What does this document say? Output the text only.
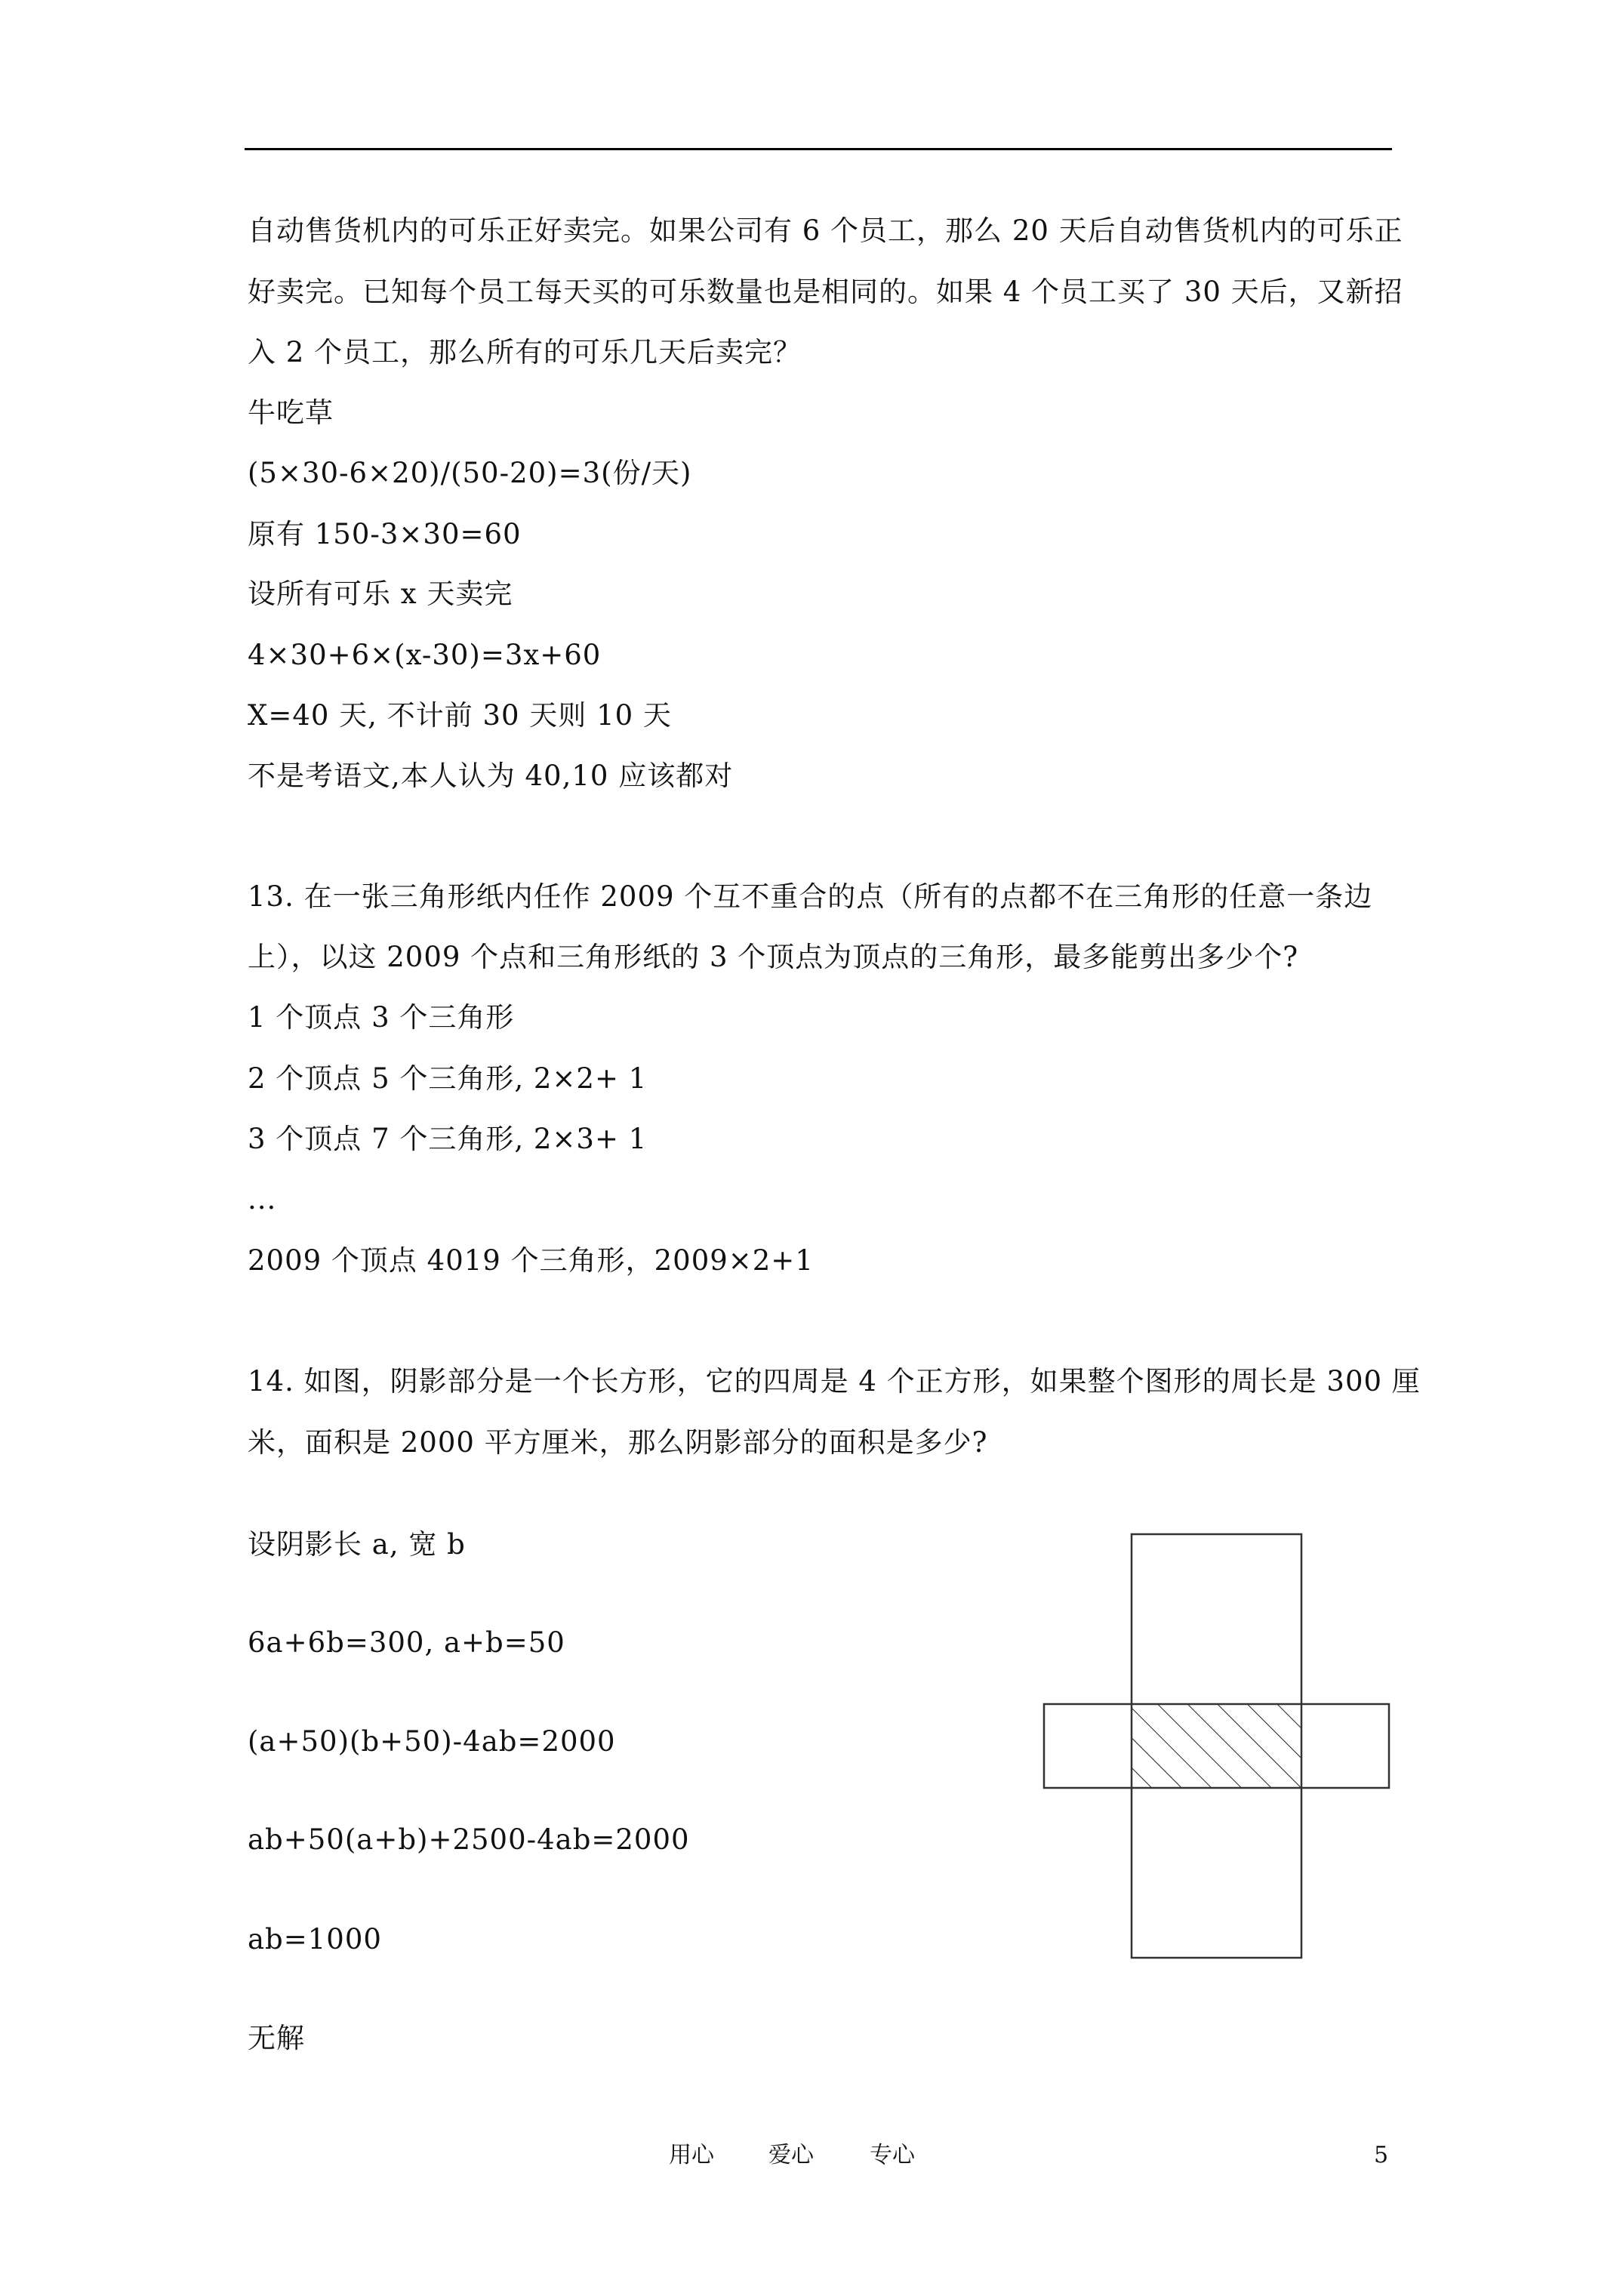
自动售货机内的可乐正好卖完。如果公司有 6 个员工，那么 20 天后自动售货机内的可乐正
好卖完。已知每个员工每天买的可乐数量也是相同的。如果 4 个员工买了 30 天后，又新招
入 2 个员工，那么所有的可乐几天后卖完？
牛吃草
(5×30-6×20)/(50-20)=3(份/天)
原有 150-3×30=60
设所有可乐 x 天卖完
4×30+6×(x-30)=3x+60
X=40 天, 不计前 30 天则 10 天
不是考语文,本人认为 40,10 应该都对
13. 在一张三角形纸内任作 2009 个互不重合的点（所有的点都不在三角形的任意一条边
上），以这 2009 个点和三角形纸的 3 个顶点为顶点的三角形，最多能剪出多少个?
1 个顶点 3 个三角形
2 个顶点 5 个三角形, 2×2+ 1
3 个顶点 7 个三角形, 2×3+ 1
...
2009 个顶点 4019 个三角形，2009×2+1
14. 如图，阴影部分是一个长方形，它的四周是 4 个正方形，如果整个图形的周长是 300 厘
米，面积是 2000 平方厘米，那么阴影部分的面积是多少?
设阴影长 a, 宽 b
6a+6b=300, a+b=50
(a+50)(b+50)-4ab=2000
ab+50(a+b)+2500-4ab=2000
ab=1000
无解
用心 爱心 专心	5
